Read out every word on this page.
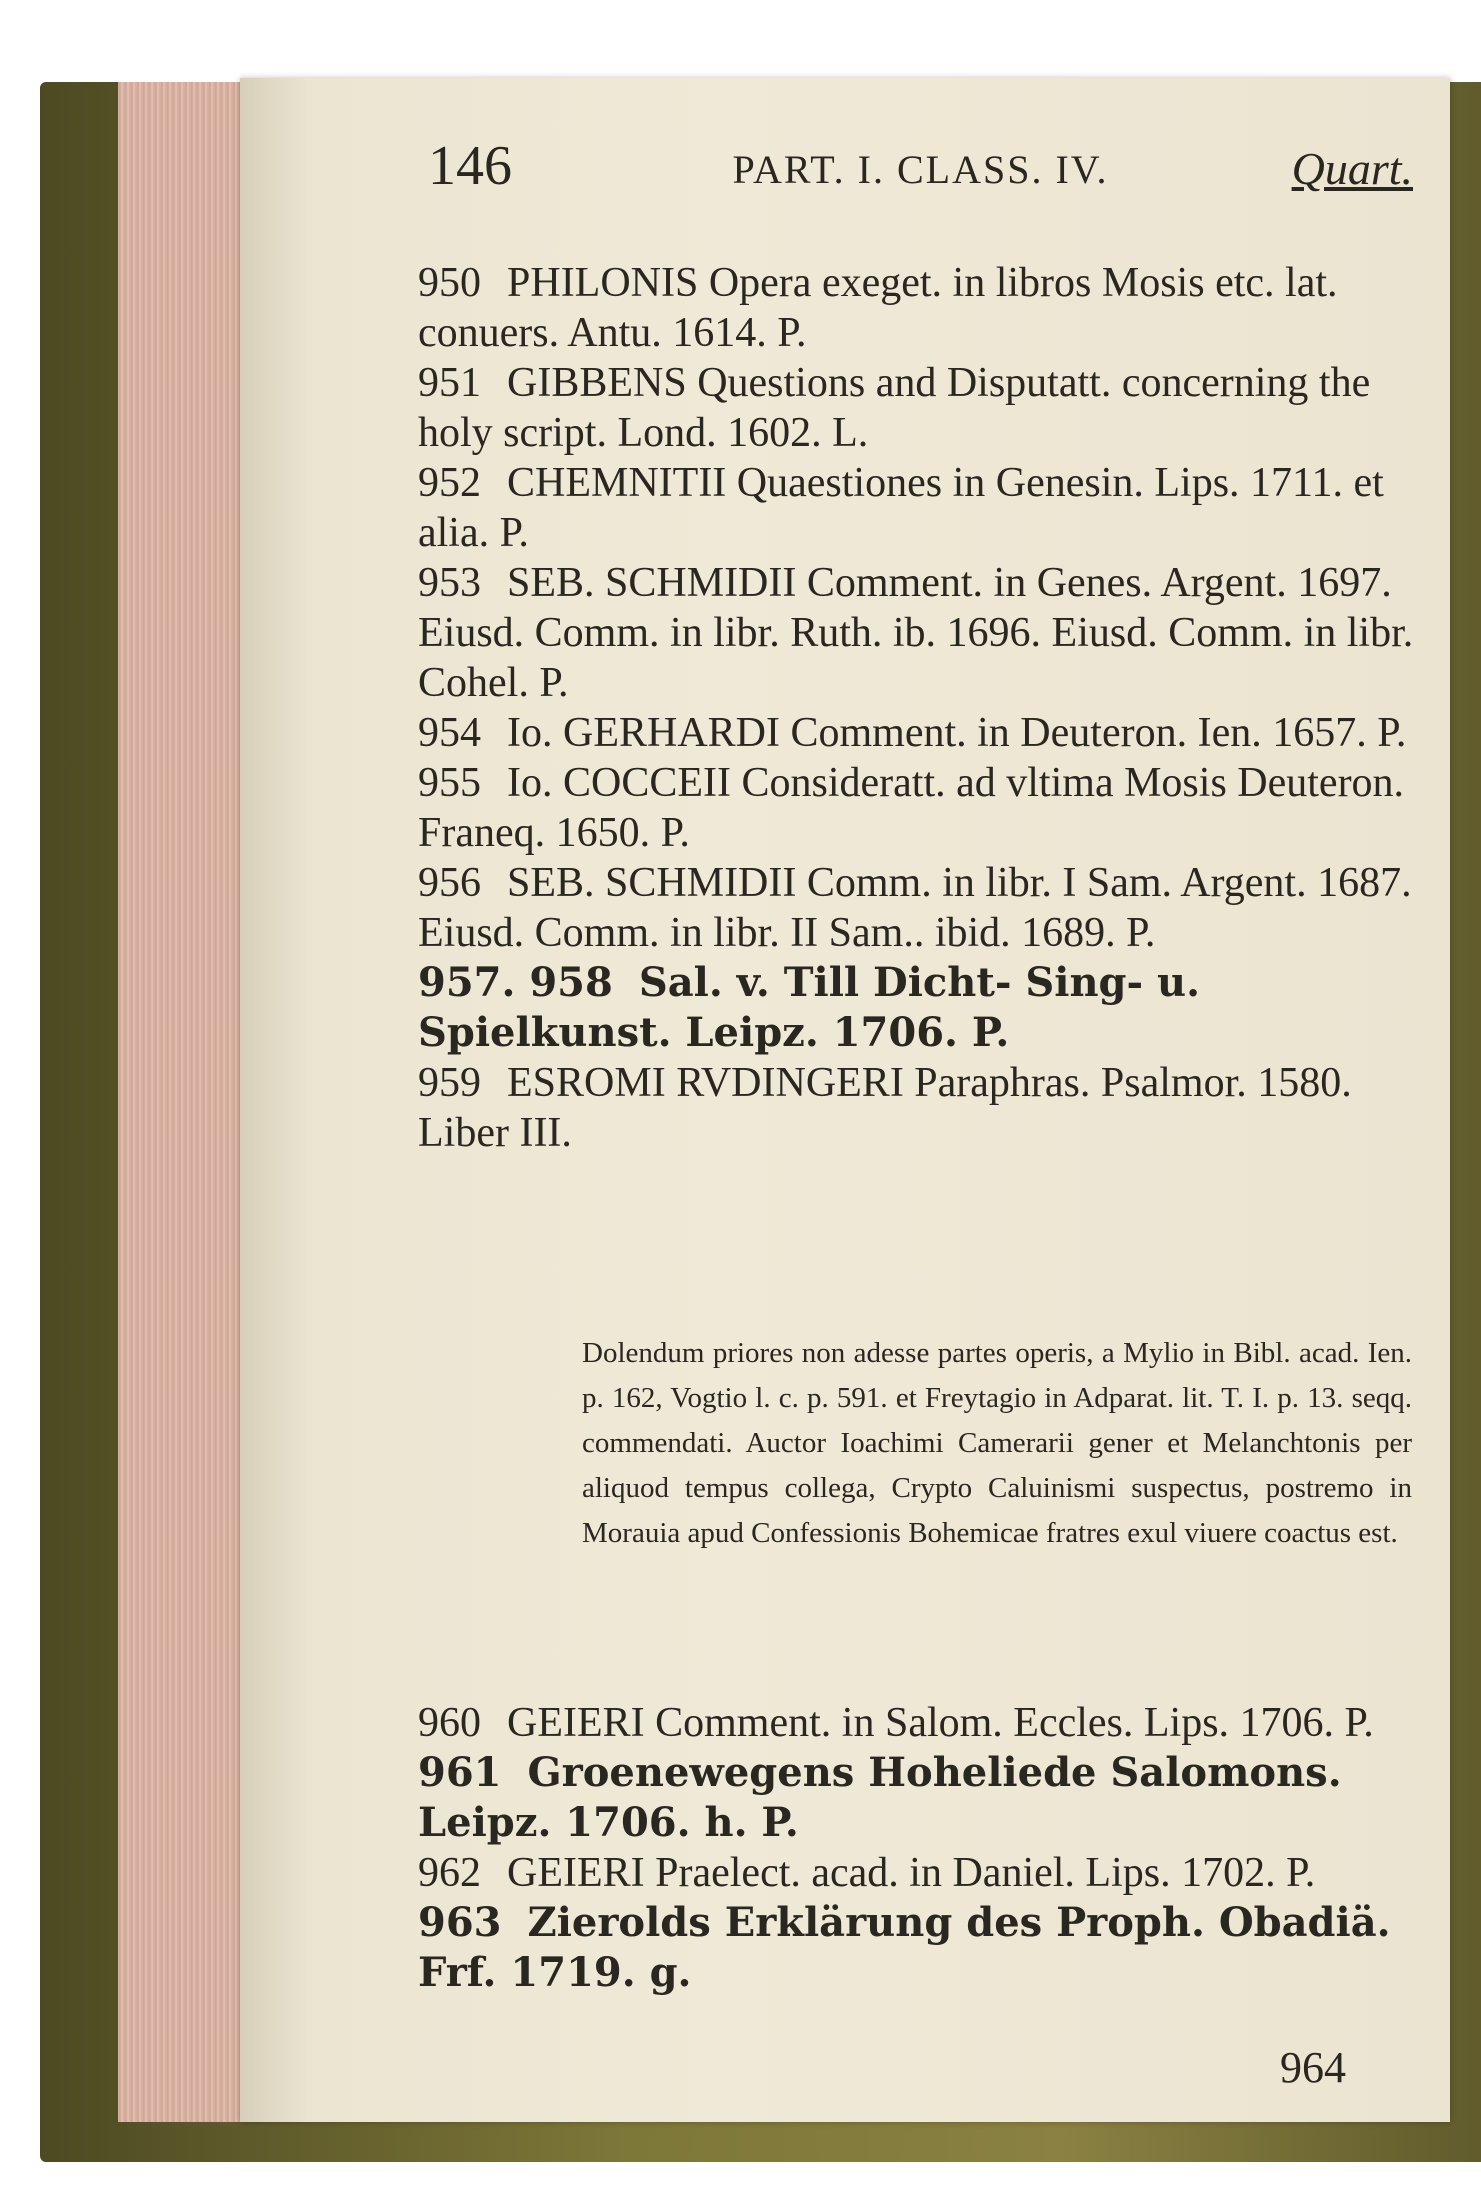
146	PART. I. CLASS. IV.	Quart.

950 PHILONIS Opera exeget. in libros Mosis etc. lat. conuers. Antu. 1614. P.

951 GIBBENS Questions and Disputatt. concerning the holy script. Lond. 1602. L.

952 CHEMNITII Quaestiones in Genesin. Lips. 1711. et alia. P.

953 SEB. SCHMIDII Comment. in Genes. Argent. 1697. Eiusd. Comm. in libr. Ruth. ib. 1696. Eiusd. Comm. in libr. Cohel. P.

954 Io. GERHARDI Comment. in Deuteron. Ien. 1657. P.

955 Io. COCCEII Consideratt. ad vltima Mosis Deuteron. Franeq. 1650. P.

956 SEB. SCHMIDII Comm. in libr. I Sam. Argent. 1687. Eiusd. Comm. in libr. II Sam.. ibid. 1689. P.

957. 958 Sal. v. Till Dicht- Sing- u. Spielkunst. Leipz. 1706. P.

959 ESROMI RVDINGERI Paraphras. Psalmor. 1580. Liber III.

Dolendum priores non adesse partes operis, a Mylio in Bibl. acad. Ien. p. 162, Vogtio l. c. p. 591. et Freytagio in Adparat. lit. T. I. p. 13. seqq. commendati. Auctor Ioachimi Camerarii gener et Melanchtonis per aliquod tempus collega, Crypto Caluinismi suspectus, postremo in Morauia apud Confessionis Bohemicae fratres exul viuere coactus est.

960 GEIERI Comment. in Salom. Eccles. Lips. 1706. P.

961 Groenewegens Hoheliede Salomons. Leipz. 1706. h. P.

962 GEIERI Praelect. acad. in Daniel. Lips. 1702. P.

963 Zierolds Erklärung des Proph. Obadiä. Frf. 1719. g.

964
